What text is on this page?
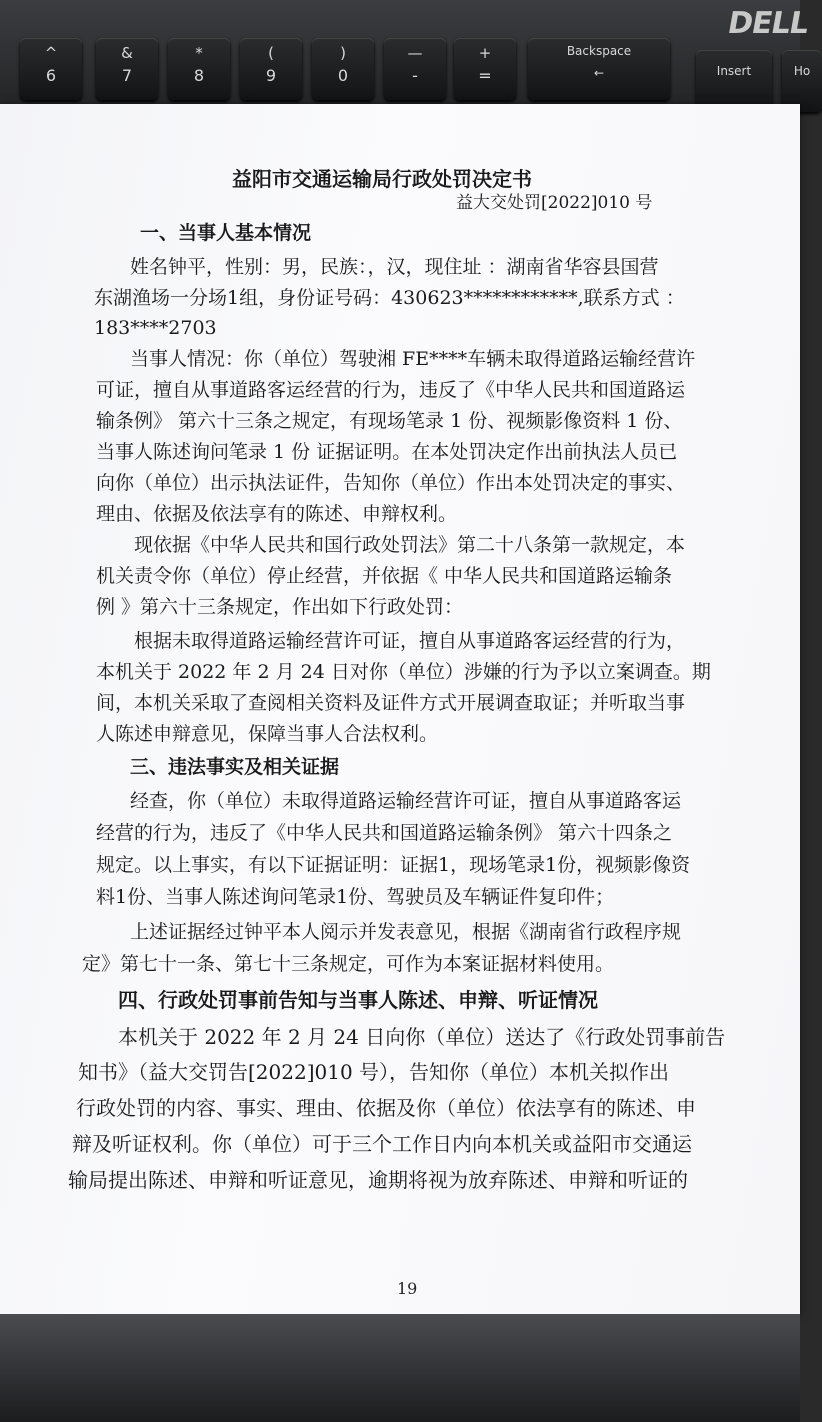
^
6
&
7
*
8
(
9
)
0
—
-
+
=
Backspace
←	Insert	Ho
DELL
益阳市交通运输局行政处罚决定书
益大交处罚[2022]010 号
一、当事人基本情况
姓名钟平，性别：男，民族：，汉，现住址 ：湖南省华容县国营
东湖渔场一分场1组，身份证号码：430623************,联系方式 ：
183****2703
当事人情况：你（单位）驾驶湘 FE****车辆未取得道路运输经营许
可证，擅自从事道路客运经营的行为，违反了《中华人民共和国道路运
输条例》 第六十三条之规定，有现场笔录 1 份、视频影像资料 1 份、
当事人陈述询问笔录 1 份 证据证明。在本处罚决定作出前执法人员已
向你（单位）出示执法证件，告知你（单位）作出本处罚决定的事实、
理由、依据及依法享有的陈述、申辩权利。
现依据《中华人民共和国行政处罚法》第二十八条第一款规定，本
机关责令你（单位）停止经营，并依据《 中华人民共和国道路运输条
例 》第六十三条规定，作出如下行政处罚：
根据未取得道路运输经营许可证，擅自从事道路客运经营的行为，
本机关于 2022 年 2 月 24 日对你（单位）涉嫌的行为予以立案调查。期
间，本机关采取了查阅相关资料及证件方式开展调查取证；并听取当事
人陈述申辩意见，保障当事人合法权利。
三、违法事实及相关证据
经查，你（单位）未取得道路运输经营许可证，擅自从事道路客运
经营的行为，违反了《中华人民共和国道路运输条例》 第六十四条之
规定。以上事实，有以下证据证明：证据1，现场笔录1份，视频影像资
料1份、当事人陈述询问笔录1份、驾驶员及车辆证件复印件；
上述证据经过钟平本人阅示并发表意见，根据《湖南省行政程序规
定》第七十一条、第七十三条规定，可作为本案证据材料使用。
四、行政处罚事前告知与当事人陈述、申辩、听证情况
本机关于 2022 年 2 月 24 日向你（单位）送达了《行政处罚事前告
知书》（益大交罚告[2022]010 号），告知你（单位）本机关拟作出
行政处罚的内容、事实、理由、依据及你（单位）依法享有的陈述、申
辩及听证权利。你（单位）可于三个工作日内向本机关或益阳市交通运
输局提出陈述、申辩和听证意见，逾期将视为放弃陈述、申辩和听证的
19
